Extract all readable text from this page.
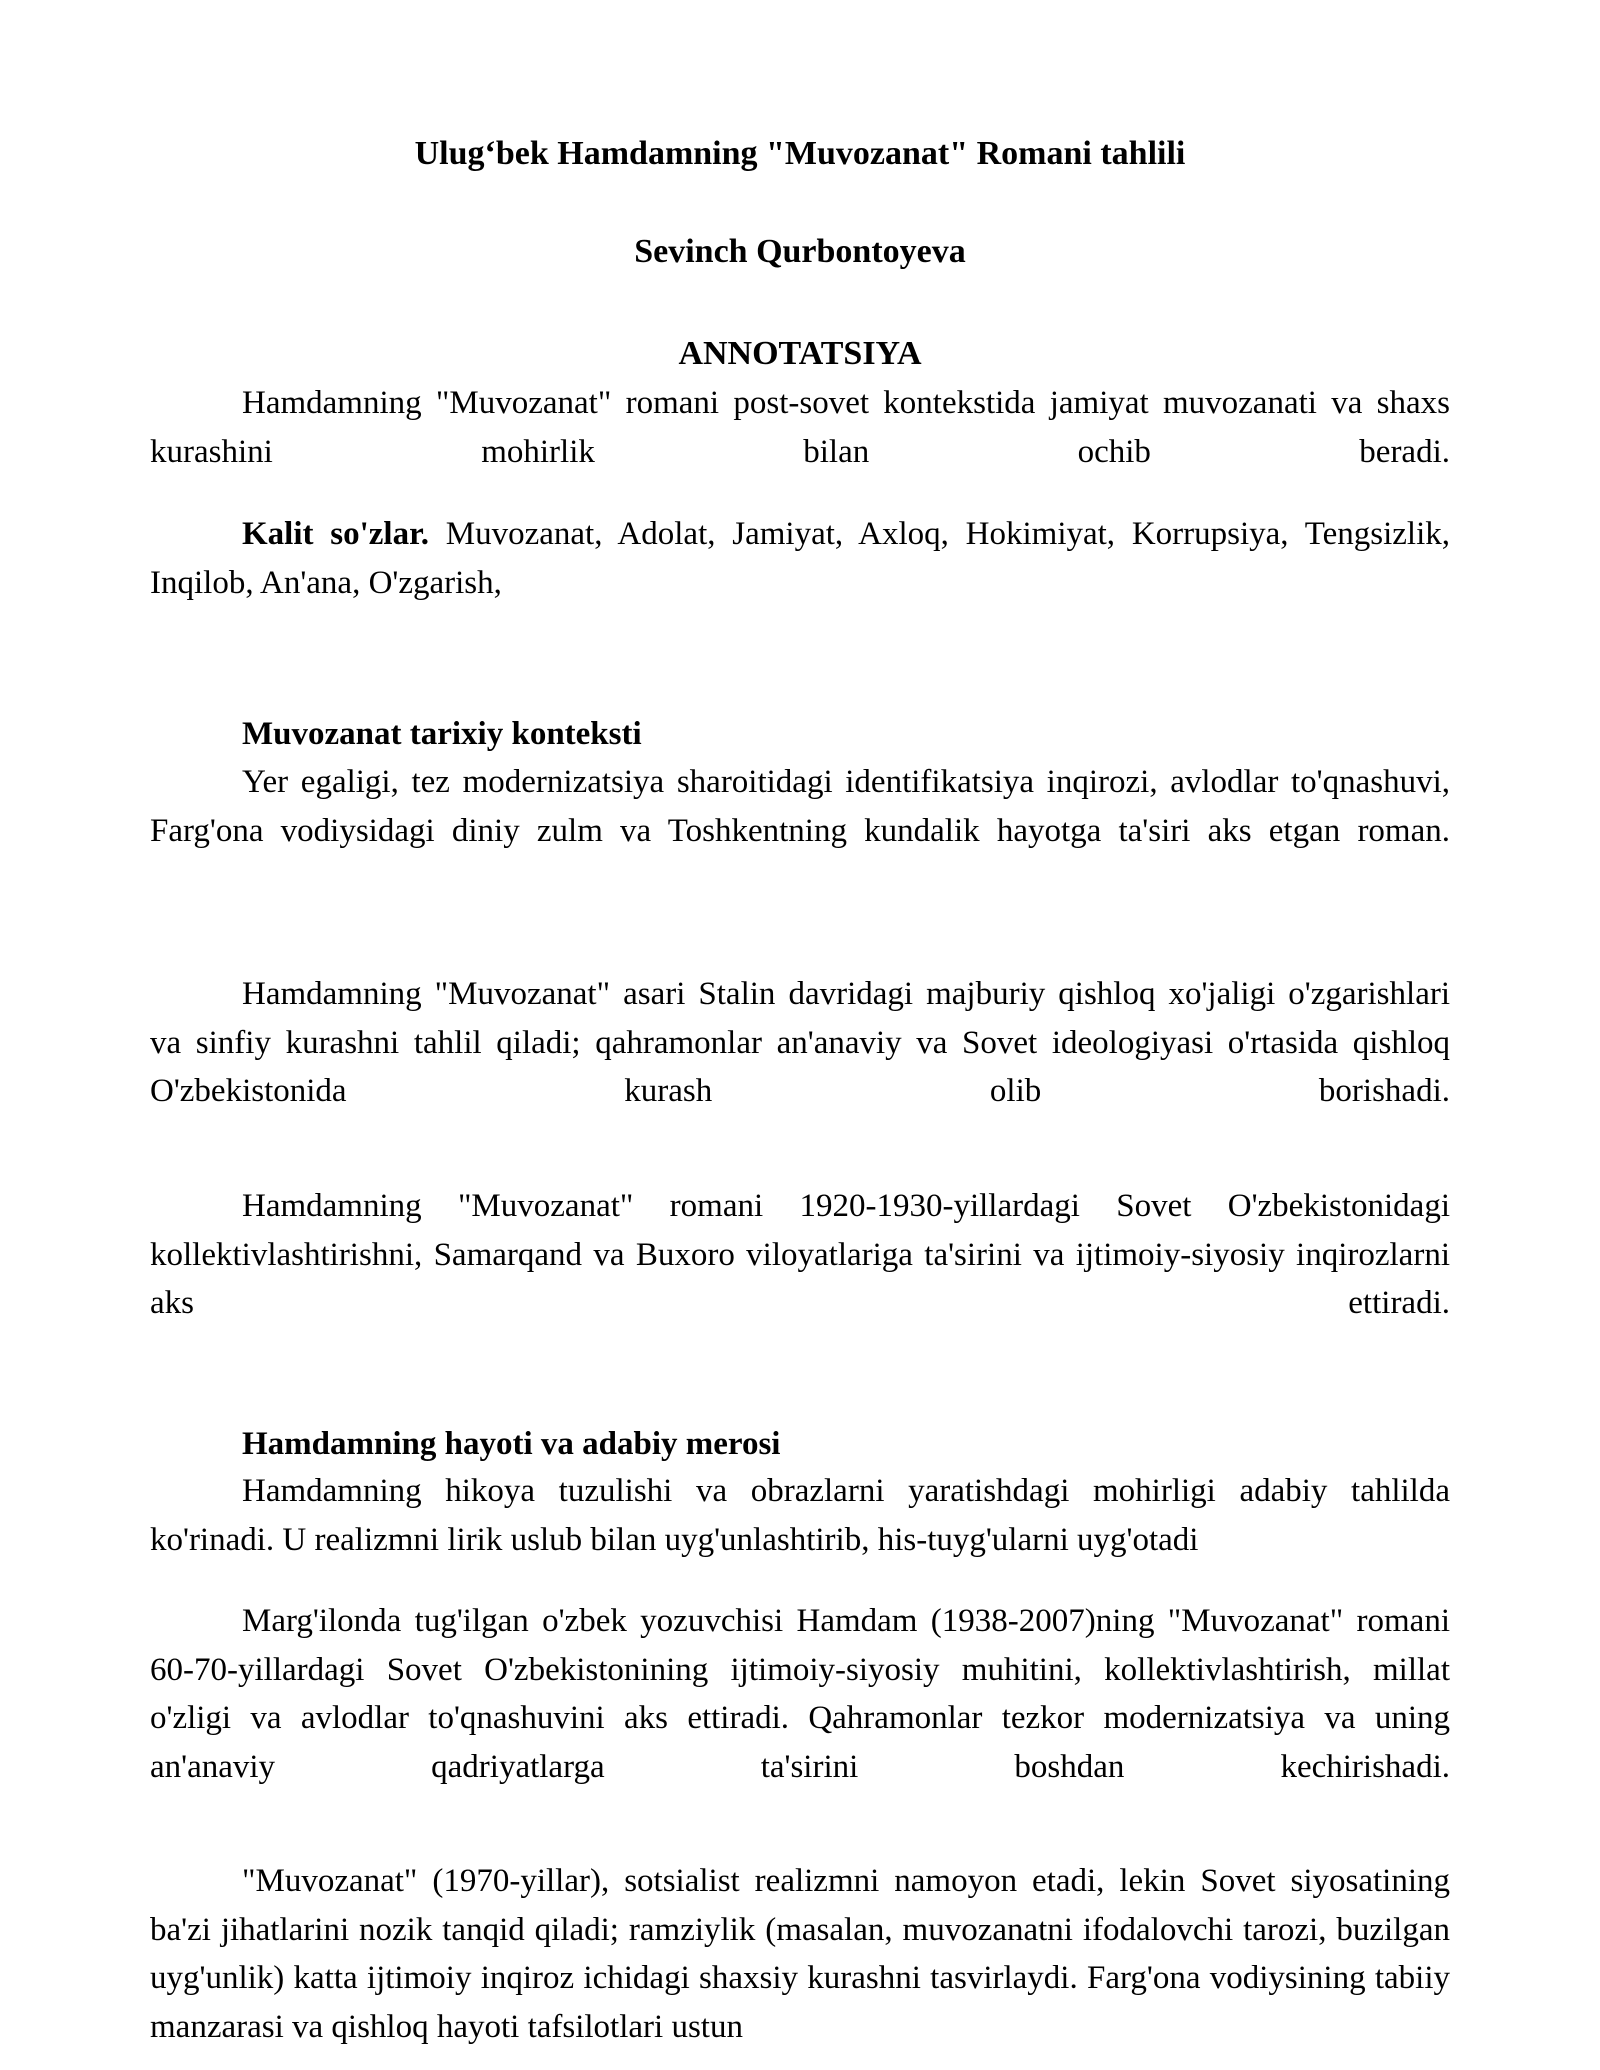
Ulug‘bek Hamdamning "Muvozanat" Romani tahlili
Sevinch Qurbontoyeva
ANNOTATSIYA

Hamdamning "Muvozanat" romani post-sovet kontekstida jamiyat muvozanati va shaxs kurashini mohirlik bilan ochib beradi.

Kalit so'zlar. Muvozanat, Adolat, Jamiyat, Axloq, Hokimiyat, Korrupsiya, Tengsizlik, Inqilob, An'ana, O'zgarish,

Muvozanat tarixiy konteksti

Yer egaligi, tez modernizatsiya sharoitidagi identifikatsiya inqirozi, avlodlar to'qnashuvi, Farg'ona vodiysidagi diniy zulm va Toshkentning kundalik hayotga ta'siri aks etgan roman.

Hamdamning "Muvozanat" asari Stalin davridagi majburiy qishloq xo'jaligi o'zgarishlari va sinfiy kurashni tahlil qiladi; qahramonlar an'anaviy va Sovet ideologiyasi o'rtasida qishloq O'zbekistonida kurash olib borishadi.

Hamdamning "Muvozanat" romani 1920-1930-yillardagi Sovet O'zbekistonidagi kollektivlashtirishni, Samarqand va Buxoro viloyatlariga ta'sirini va ijtimoiy-siyosiy inqirozlarni aks ettiradi.

Hamdamning hayoti va adabiy merosi

Hamdamning hikoya tuzulishi va obrazlarni yaratishdagi mohirligi adabiy tahlilda ko'rinadi. U realizmni lirik uslub bilan uyg'unlashtirib, his-tuyg'ularni uyg'otadi

Marg'ilonda tug'ilgan o'zbek yozuvchisi Hamdam (1938-2007)ning "Muvozanat" romani 60-70-yillardagi Sovet O'zbekistonining ijtimoiy-siyosiy muhitini, kollektivlashtirish, millat o'zligi va avlodlar to'qnashuvini aks ettiradi. Qahramonlar tezkor modernizatsiya va uning an'anaviy qadriyatlarga ta'sirini boshdan kechirishadi.

"Muvozanat" (1970-yillar), sotsialist realizmni namoyon etadi, lekin Sovet siyosatining ba'zi jihatlarini nozik tanqid qiladi; ramziylik (masalan, muvozanatni ifodalovchi tarozi, buzilgan uyg'unlik) katta ijtimoiy inqiroz ichidagi shaxsiy kurashni tasvirlaydi. Farg'ona vodiysining tabiiy manzarasi va qishloq hayoti tafsilotlari ustun
